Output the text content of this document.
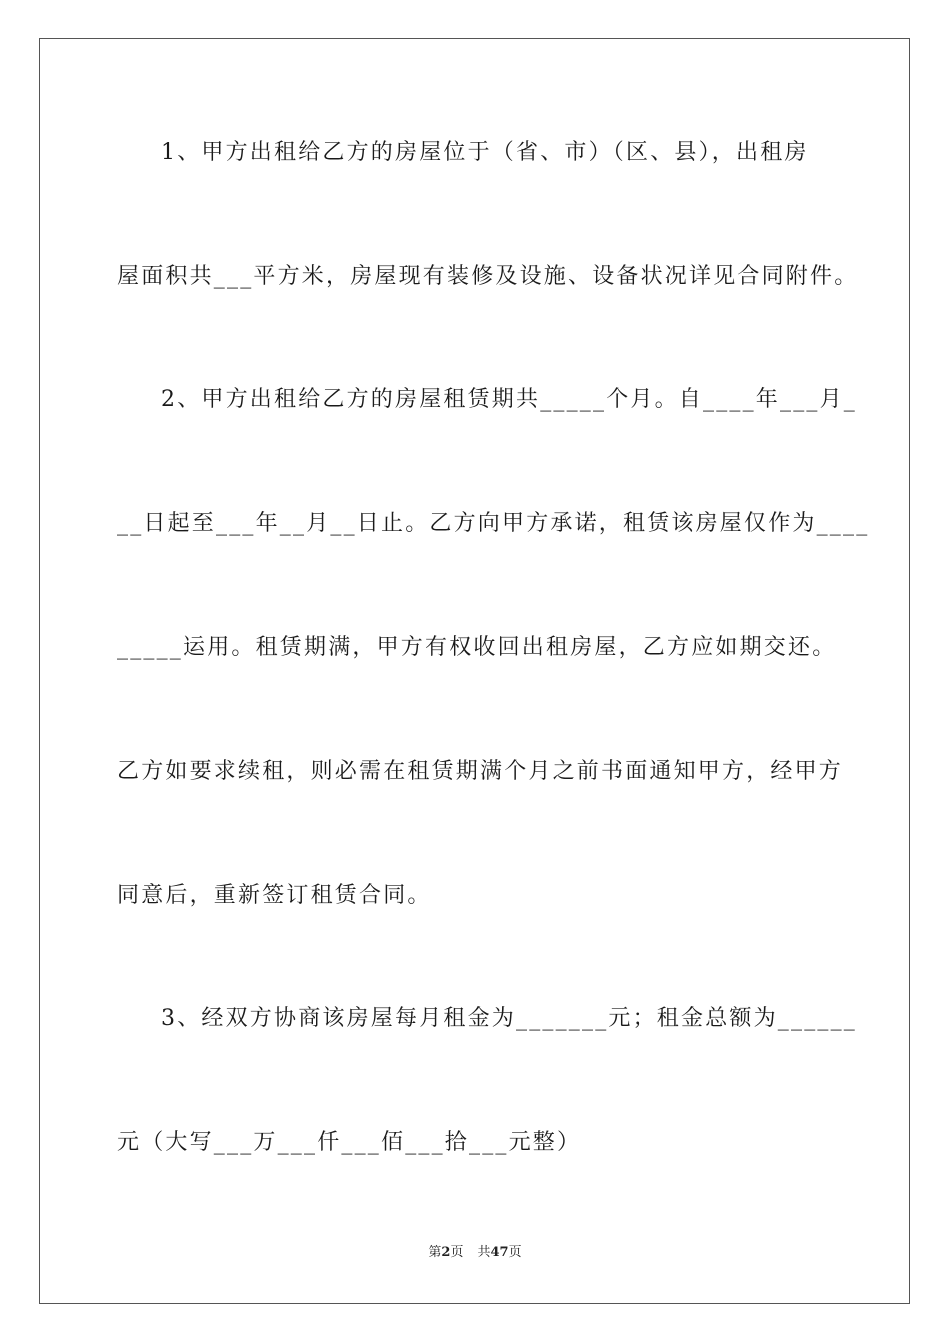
1、甲方出租给乙方的房屋位于（省、市）（区、县），出租房
屋面积共___平方米，房屋现有装修及设施、设备状况详见合同附件。
2、甲方出租给乙方的房屋租赁期共_____个月。自____年___月_
__日起至___年__月__日止。乙方向甲方承诺，租赁该房屋仅作为____
_____运用。租赁期满，甲方有权收回出租房屋，乙方应如期交还。
乙方如要求续租，则必需在租赁期满个月之前书面通知甲方，经甲方
同意后，重新签订租赁合同。
3、经双方协商该房屋每月租金为_______元；租金总额为______
元（大写___万___仟___佰___拾___元整）
第2页 共47页
